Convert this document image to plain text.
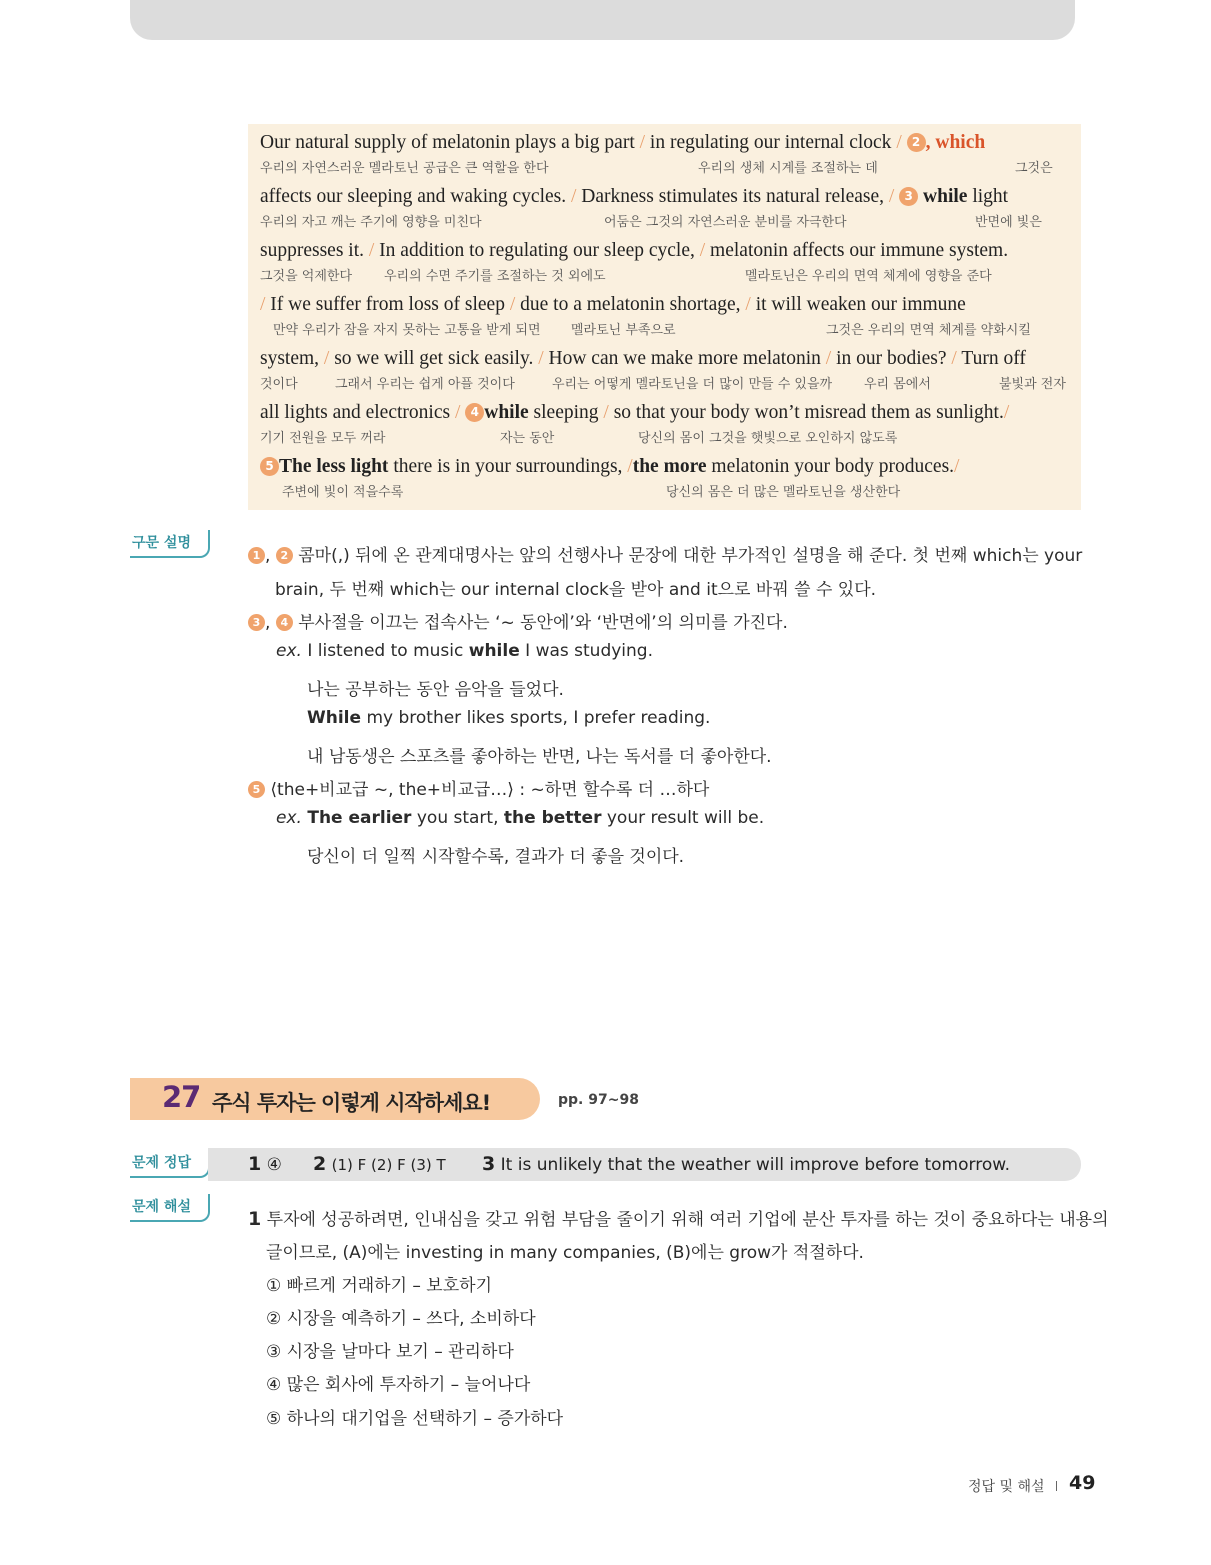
Our natural supply of melatonin plays a big part / in regulating our internal clock / 2 , which
우리의 자연스러운 멜라토닌 공급은 큰 역할을 한다	우리의 생체 시계를 조절하는 데	그것은
affects our sleeping and waking cycles. / Darkness stimulates its natural release, / 3 while light
우리의 자고 깨는 주기에 영향을 미친다	어둠은 그것의 자연스러운 분비를 자극한다	반면에 빛은
suppresses it. / In addition to regulating our sleep cycle, / melatonin affects our immune system.
그것을 억제한다 우리의 수면 주기를 조절하는 것 외에도	멜라토닌은 우리의 면역 체계에 영향을 준다
/ If we suffer from loss of sleep / due to a melatonin shortage, / it will weaken our immune
만약 우리가 잠을 자지 못하는 고통을 받게 되면 멜라토닌 부족으로	그것은 우리의 면역 체계를 약화시킬
system, / so we will get sick easily. / How can we make more melatonin / in our bodies? / Turn off
것이다	그래서 우리는 쉽게 아플 것이다	우리는 어떻게 멜라토닌을 더 많이 만들 수 있을까 우리 몸에서	불빛과 전자
all lights and electronics / 4 while sleeping / so that your body won’t misread them as sunlight./
기기 전원을 모두 꺼라	자는 동안	당신의 몸이 그것을 햇빛으로 오인하지 않도록
5 The less light there is in your surroundings, /the more melatonin your body produces./
주변에 빛이 적을수록	당신의 몸은 더 많은 멜라토닌을 생산한다
구문 설명
1 , 2 콤마(,) 뒤에 온 관계대명사는 앞의 선행사나 문장에 대한 부가적인 설명을 해 준다. 첫 번째 which는 your
brain, 두 번째 which는 our internal clock을 받아 and it으로 바꿔 쓸 수 있다.
3 , 4 부사절을 이끄는 접속사는 ‘~ 동안에’와 ‘반면에’의 의미를 가진다.
ex. I listened to music while I was studying.
나는 공부하는 동안 음악을 들었다.
While my brother likes sports, I prefer reading.
내 남동생은 스포츠를 좋아하는 반면, 나는 독서를 더 좋아한다.
5 ⟨the+비교급 ~, the+비교급…⟩ : ~하면 할수록 더 …하다
ex. The earlier you start, the better your result will be.
당신이 더 일찍 시작할수록, 결과가 더 좋을 것이다.
27 주식 투자는 이렇게 시작하세요!	pp. 97~98
문제 정답	1 ④ 2 (1) F (2) F (3) T 3 It is unlikely that the weather will improve before tomorrow.
문제 해설
1 투자에 성공하려면, 인내심을 갖고 위험 부담을 줄이기 위해 여러 기업에 분산 투자를 하는 것이 중요하다는 내용의
글이므로, (A)에는 investing in many companies, (B)에는 grow가 적절하다.
① 빠르게 거래하기 – 보호하기
② 시장을 예측하기 – 쓰다, 소비하다
③ 시장을 날마다 보기 – 관리하다
④ 많은 회사에 투자하기 – 늘어나다
⑤ 하나의 대기업을 선택하기 – 증가하다
정답 및 해설 49
